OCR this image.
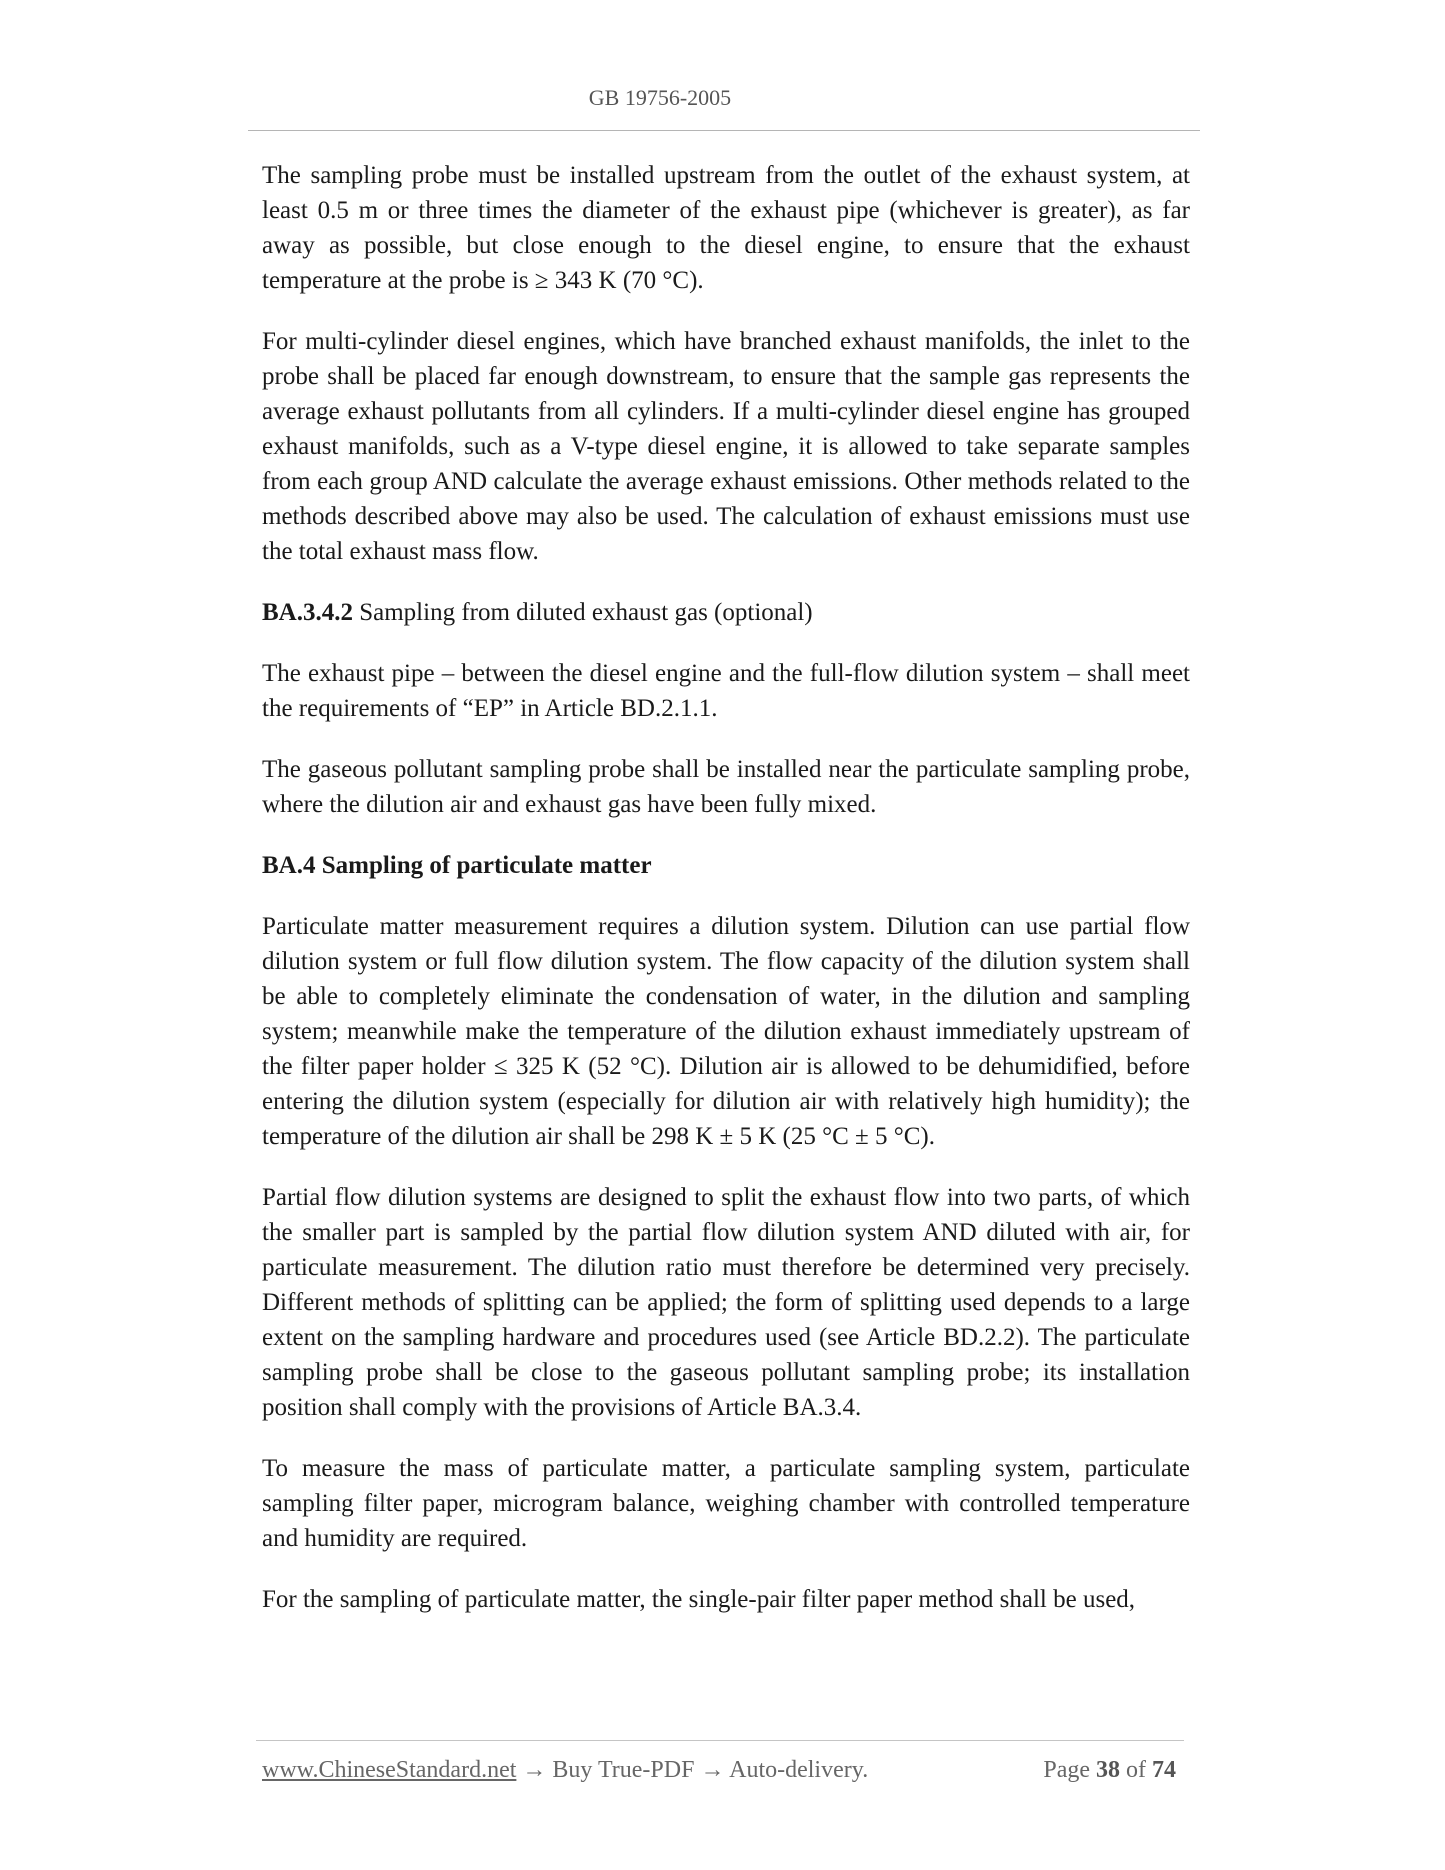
GB 19756-2005

The sampling probe must be installed upstream from the outlet of the exhaust system, at least 0.5 m or three times the diameter of the exhaust pipe (whichever is greater), as far away as possible, but close enough to the diesel engine, to ensure that the exhaust temperature at the probe is ≥ 343 K (70 °C).

For multi-cylinder diesel engines, which have branched exhaust manifolds, the inlet to the probe shall be placed far enough downstream, to ensure that the sample gas represents the average exhaust pollutants from all cylinders. If a multi-cylinder diesel engine has grouped exhaust manifolds, such as a V-type diesel engine, it is allowed to take separate samples from each group AND calculate the average exhaust emissions. Other methods related to the methods described above may also be used. The calculation of exhaust emissions must use the total exhaust mass flow.

BA.3.4.2 Sampling from diluted exhaust gas (optional)

The exhaust pipe – between the diesel engine and the full-flow dilution system – shall meet the requirements of “EP” in Article BD.2.1.1.

The gaseous pollutant sampling probe shall be installed near the particulate sampling probe, where the dilution air and exhaust gas have been fully mixed.

BA.4 Sampling of particulate matter

Particulate matter measurement requires a dilution system. Dilution can use partial flow dilution system or full flow dilution system. The flow capacity of the dilution system shall be able to completely eliminate the condensation of water, in the dilution and sampling system; meanwhile make the temperature of the dilution exhaust immediately upstream of the filter paper holder ≤ 325 K (52 °C). Dilution air is allowed to be dehumidified, before entering the dilution system (especially for dilution air with relatively high humidity); the temperature of the dilution air shall be 298 K ± 5 K (25 °C ± 5 °C).

Partial flow dilution systems are designed to split the exhaust flow into two parts, of which the smaller part is sampled by the partial flow dilution system AND diluted with air, for particulate measurement. The dilution ratio must therefore be determined very precisely. Different methods of splitting can be applied; the form of splitting used depends to a large extent on the sampling hardware and procedures used (see Article BD.2.2). The particulate sampling probe shall be close to the gaseous pollutant sampling probe; its installation position shall comply with the provisions of Article BA.3.4.

To measure the mass of particulate matter, a particulate sampling system, particulate sampling filter paper, microgram balance, weighing chamber with controlled temperature and humidity are required.

For the sampling of particulate matter, the single-pair filter paper method shall be used,

www.ChineseStandard.net → Buy True-PDF → Auto-delivery.	Page 38 of 74
